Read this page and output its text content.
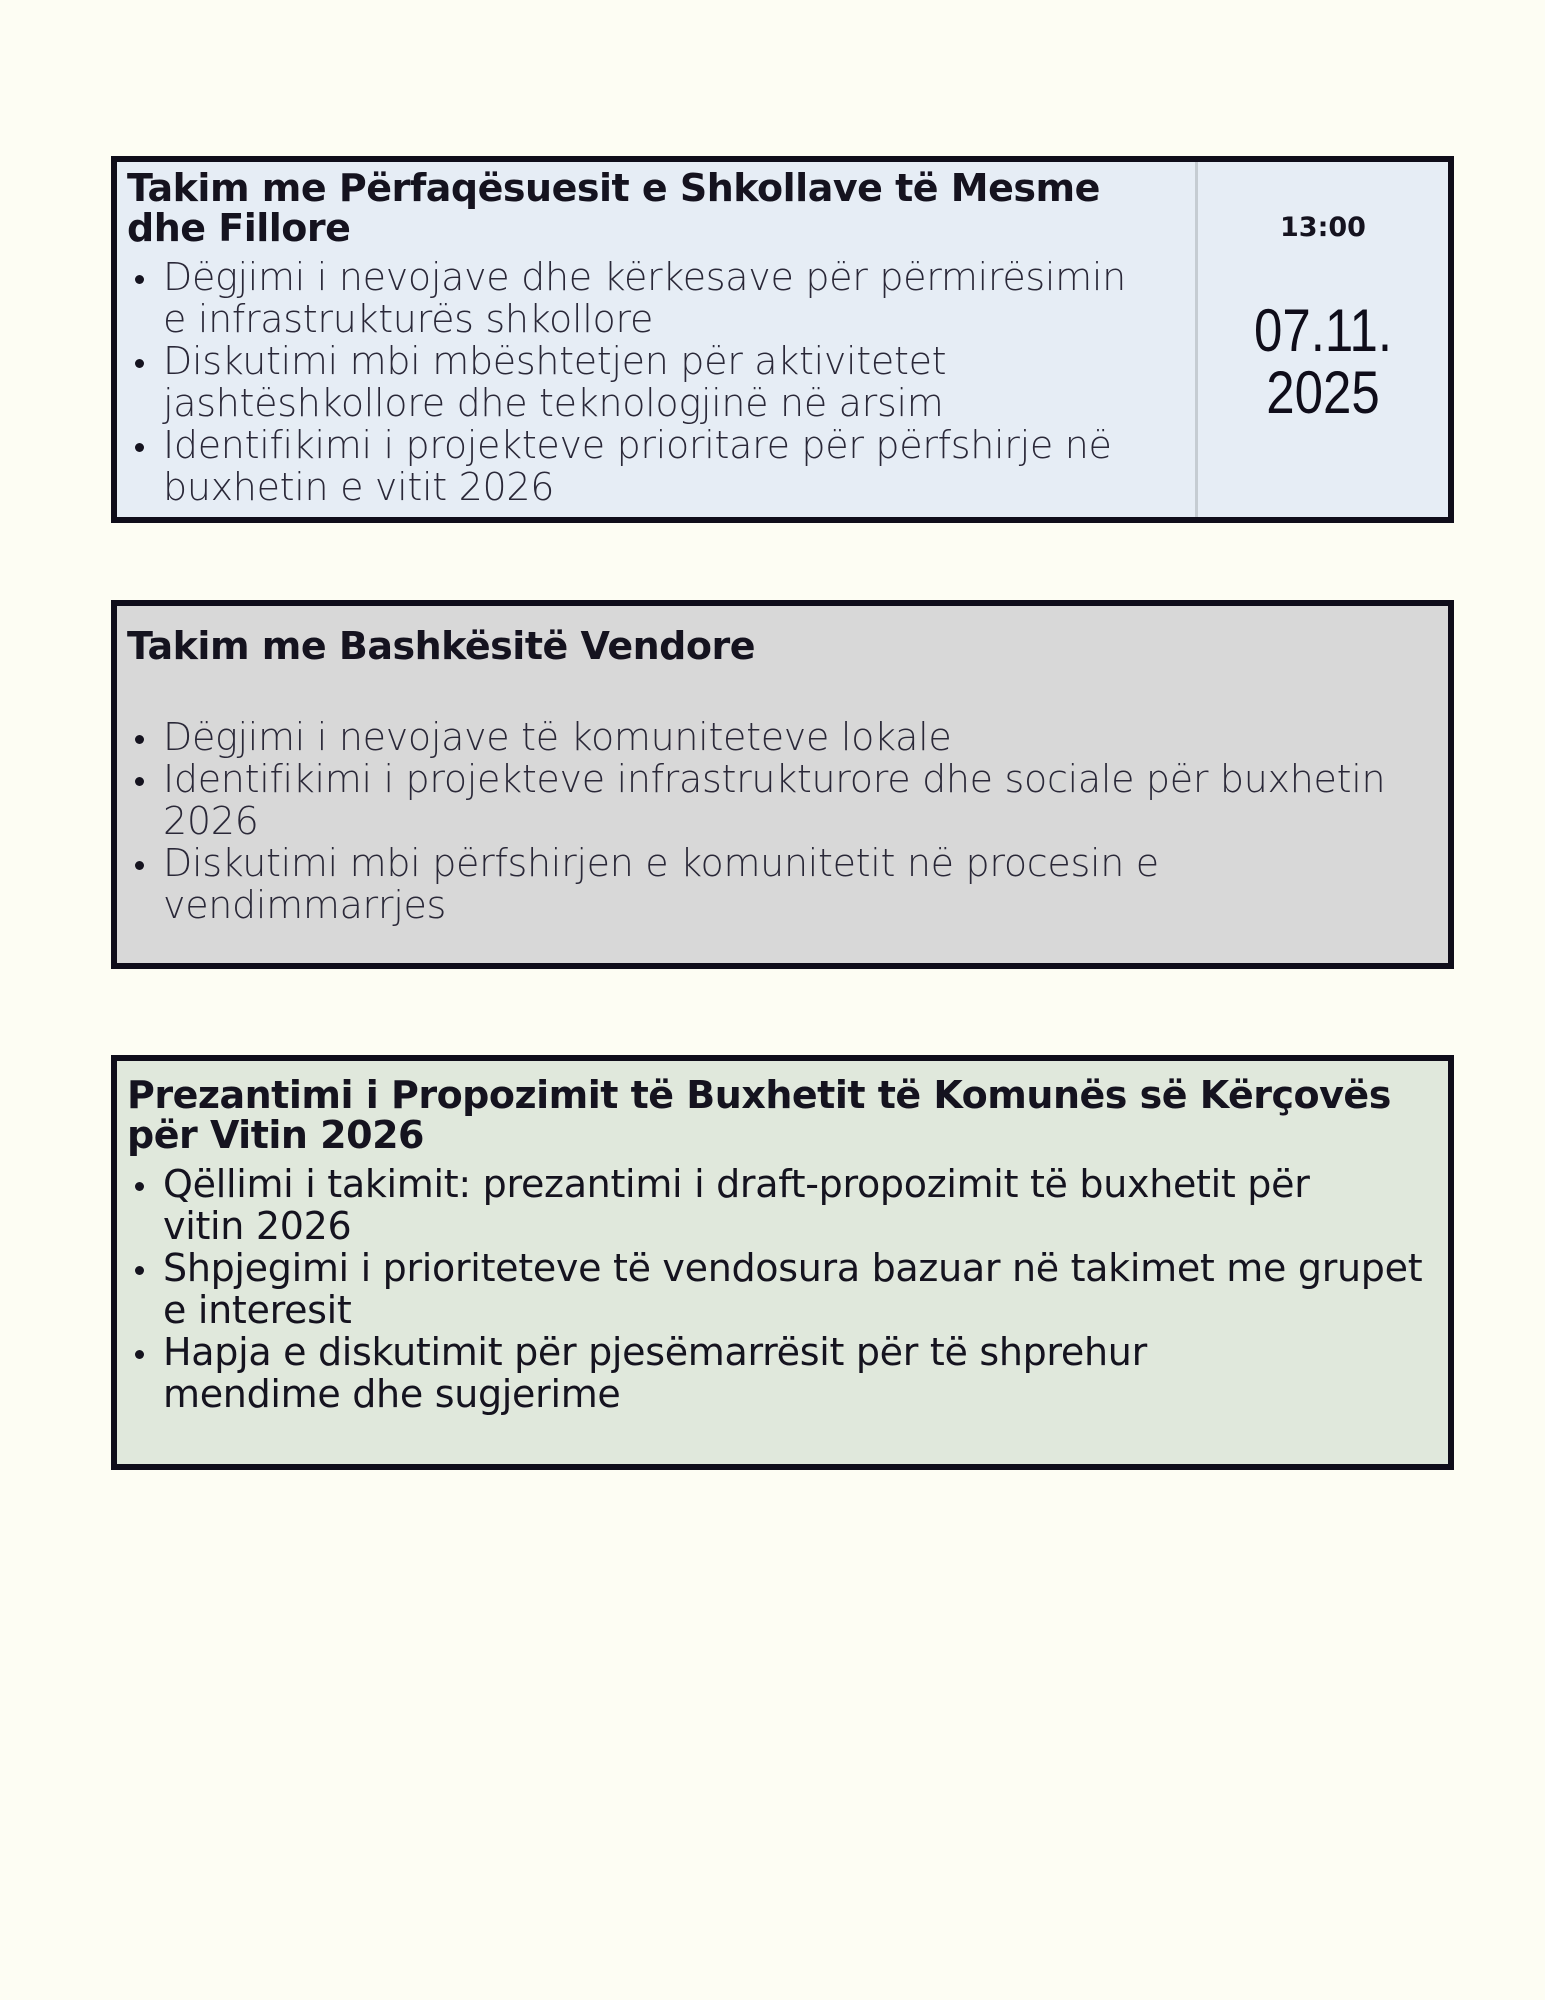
Takim me Përfaqësuesit e Shkollave të Mesme dhe Fillore
Dëgjimi i nevojave dhe kërkesave për përmirësimin e infrastrukturës shkollore
Diskutimi mbi mbështetjen për aktivitetet jashtëshkollore dhe teknologjinë në arsim
Identifikimi i projekteve prioritare për përfshirje në buxhetin e vitit 2026
13:00
07.11.
2025
Takim me Bashkësitë Vendore
Dëgjimi i nevojave të komuniteteve lokale
Identifikimi i projekteve infrastrukturore dhe sociale për buxhetin 2026
Diskutimi mbi përfshirjen e komunitetit në procesin e vendimmarrjes
Prezantimi i Propozimit të Buxhetit të Komunës së Kërçovës për Vitin 2026
Qëllimi i takimit: prezantimi i draft-propozimit të buxhetit për vitin 2026
Shpjegimi i prioriteteve të vendosura bazuar në takimet me grupet e interesit
Hapja e diskutimit për pjesëmarrësit për të shprehur mendime dhe sugjerime
